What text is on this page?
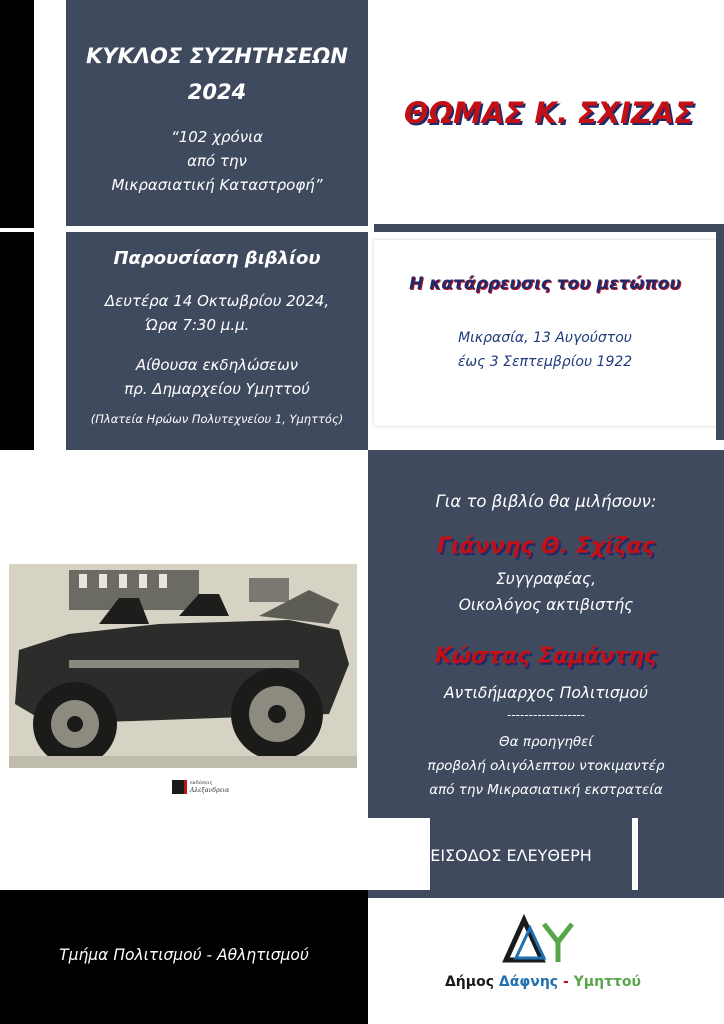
ΚΥΚΛΟΣ ΣΥΖΗΤΗΣΕΩΝ
2024
“102 χρόνια
από την
Μικρασιατική Καταστροφή”
Παρουσίαση βιβλίου
Δευτέρα 14 Οκτωβρίου 2024,
Ώρα 7:30 μ.μ.
Αίθουσα εκδηλώσεων
πρ. Δημαρχείου Υμηττού
(Πλατεία Ηρώων Πολυτεχνείου 1, Υμηττός)
ΘΩΜΑΣ Κ. ΣΧΙΖΑΣ
Η κατάρρευσις του μετώπου
Μικρασία, 13 Αυγούστου
έως 3 Σεπτεμβρίου 1922
Για το βιβλίο θα μιλήσουν:
Γιάννης Θ. Σχίζας
Συγγραφέας,
Οικολόγος ακτιβιστής
Κώστας Σαμάντης
Αντιδήμαρχος Πολιτισμού
------------------
Θα προηγηθεί
προβολή ολιγόλεπτου ντοκιμαντέρ
από την Μικρασιατική εκστρατεία
ΕΙΣΟΔΟΣ ΕΛΕΥΘΕΡΗ
εκδόσεις
Αλεξανδρεια
Τμήμα Πολιτισμού - Αθλητισμού
Δήμος Δάφνης - Υμηττού
